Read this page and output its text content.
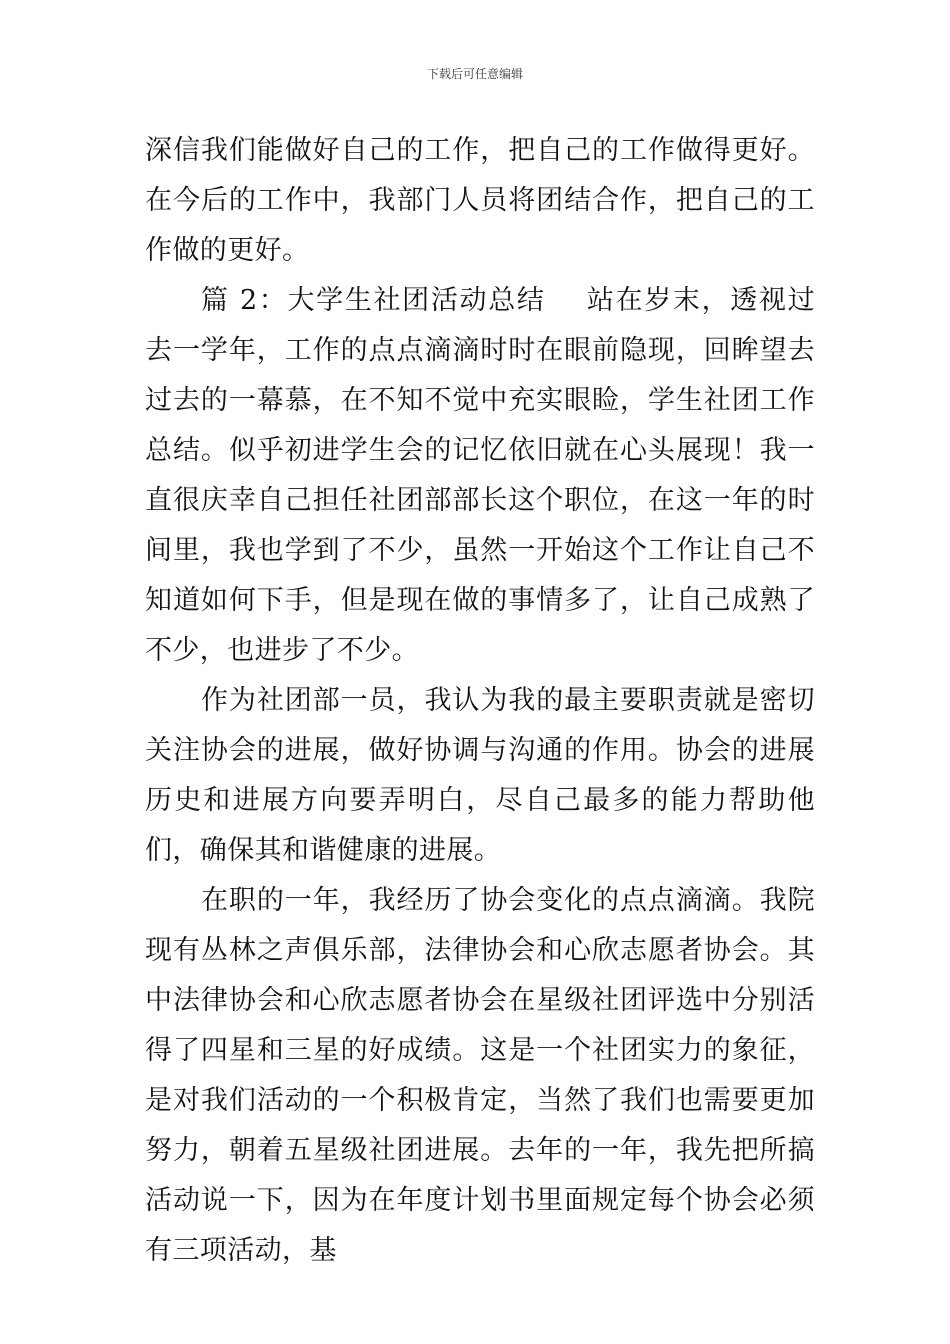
下载后可任意编辑

深信我们能做好自己的工作，把自己的工作做得更好。在今后的工作中，我部门人员将团结合作，把自己的工作做的更好。

篇 2：大学生社团活动总结 站在岁末，透视过去一学年，工作的点点滴滴时时在眼前隐现，回眸望去过去的一幕慕，在不知不觉中充实眼睑，学生社团工作总结。似乎初进学生会的记忆依旧就在心头展现！我一直很庆幸自己担任社团部部长这个职位，在这一年的时间里，我也学到了不少，虽然一开始这个工作让自己不知道如何下手，但是现在做的事情多了，让自己成熟了不少，也进步了不少。

作为社团部一员，我认为我的最主要职责就是密切关注协会的进展，做好协调与沟通的作用。协会的进展历史和进展方向要弄明白，尽自己最多的能力帮助他们，确保其和谐健康的进展。

在职的一年，我经历了协会变化的点点滴滴。我院现有丛林之声俱乐部，法律协会和心欣志愿者协会。其中法律协会和心欣志愿者协会在星级社团评选中分别活得了四星和三星的好成绩。这是一个社团实力的象征，是对我们活动的一个积极肯定，当然了我们也需要更加努力，朝着五星级社团进展。去年的一年，我先把所搞活动说一下，因为在年度计划书里面规定每个协会必须有三项活动，基
